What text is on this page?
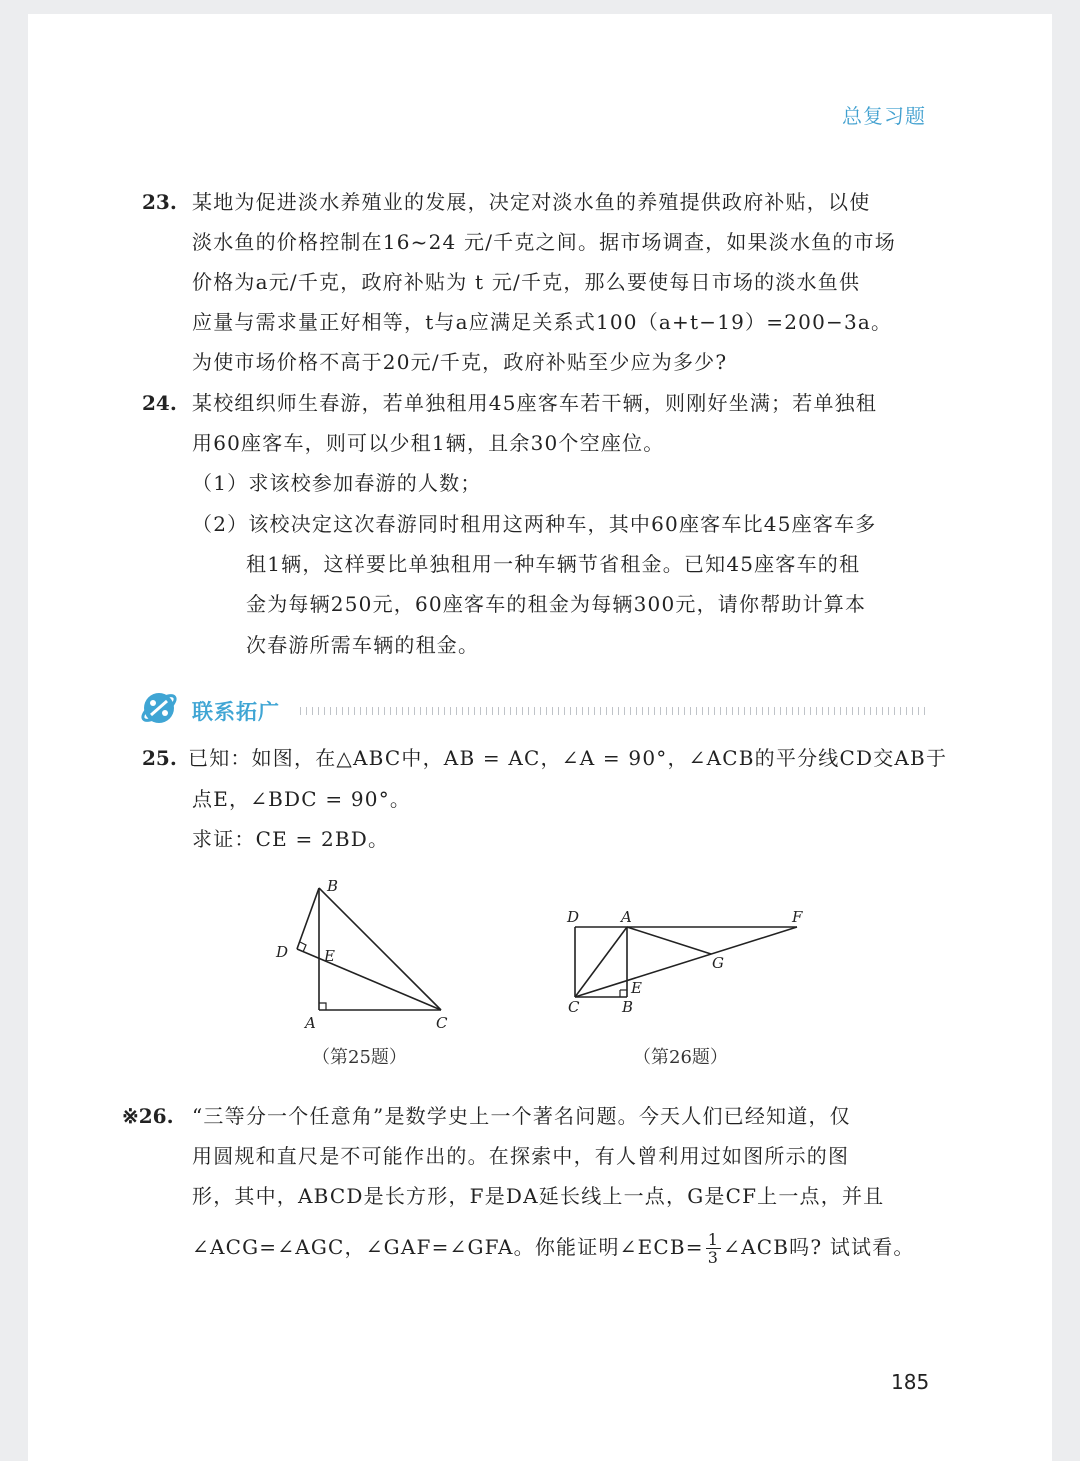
总复习题
23. 某地为促进淡水养殖业的发展，决定对淡水鱼的养殖提供政府补贴，以使
淡水鱼的价格控制在16~24 元/千克之间。据市场调查，如果淡水鱼的市场
价格为a元/千克，政府补贴为 t 元/千克，那么要使每日市场的淡水鱼供
应量与需求量正好相等，t与a应满足关系式100（a+t−19）=200−3a。
为使市场价格不高于20元/千克，政府补贴至少应为多少?
24. 某校组织师生春游，若单独租用45座客车若干辆，则刚好坐满；若单独租
用60座客车，则可以少租1辆，且余30个空座位。
（1）求该校参加春游的人数；
（2）该校决定这次春游同时租用这两种车，其中60座客车比45座客车多
租1辆，这样要比单独租用一种车辆节省租金。已知45座客车的租
金为每辆250元，60座客车的租金为每辆300元，请你帮助计算本
次春游所需车辆的租金。
联系拓广
25. 已知：如图，在△ABC中，AB = AC，∠A = 90°，∠ACB的平分线CD交AB于
点E，∠BDC = 90°。
求证：CE = 2BD。
B
D E
A	C
（第25题）
D	A	F
G
E
C	B
（第26题）
※26. “三等分一个任意角”是数学史上一个著名问题。今天人们已经知道，仅
用圆规和直尺是不可能作出的。在探索中，有人曾利用过如图所示的图
形，其中，ABCD是长方形，F是DA延长线上一点，G是CF上一点，并且
∠ACG=∠AGC，∠GAF=∠GFA。你能证明∠ECB= $\frac{1}{3}$ ∠ACB吗? 试试看。
185
